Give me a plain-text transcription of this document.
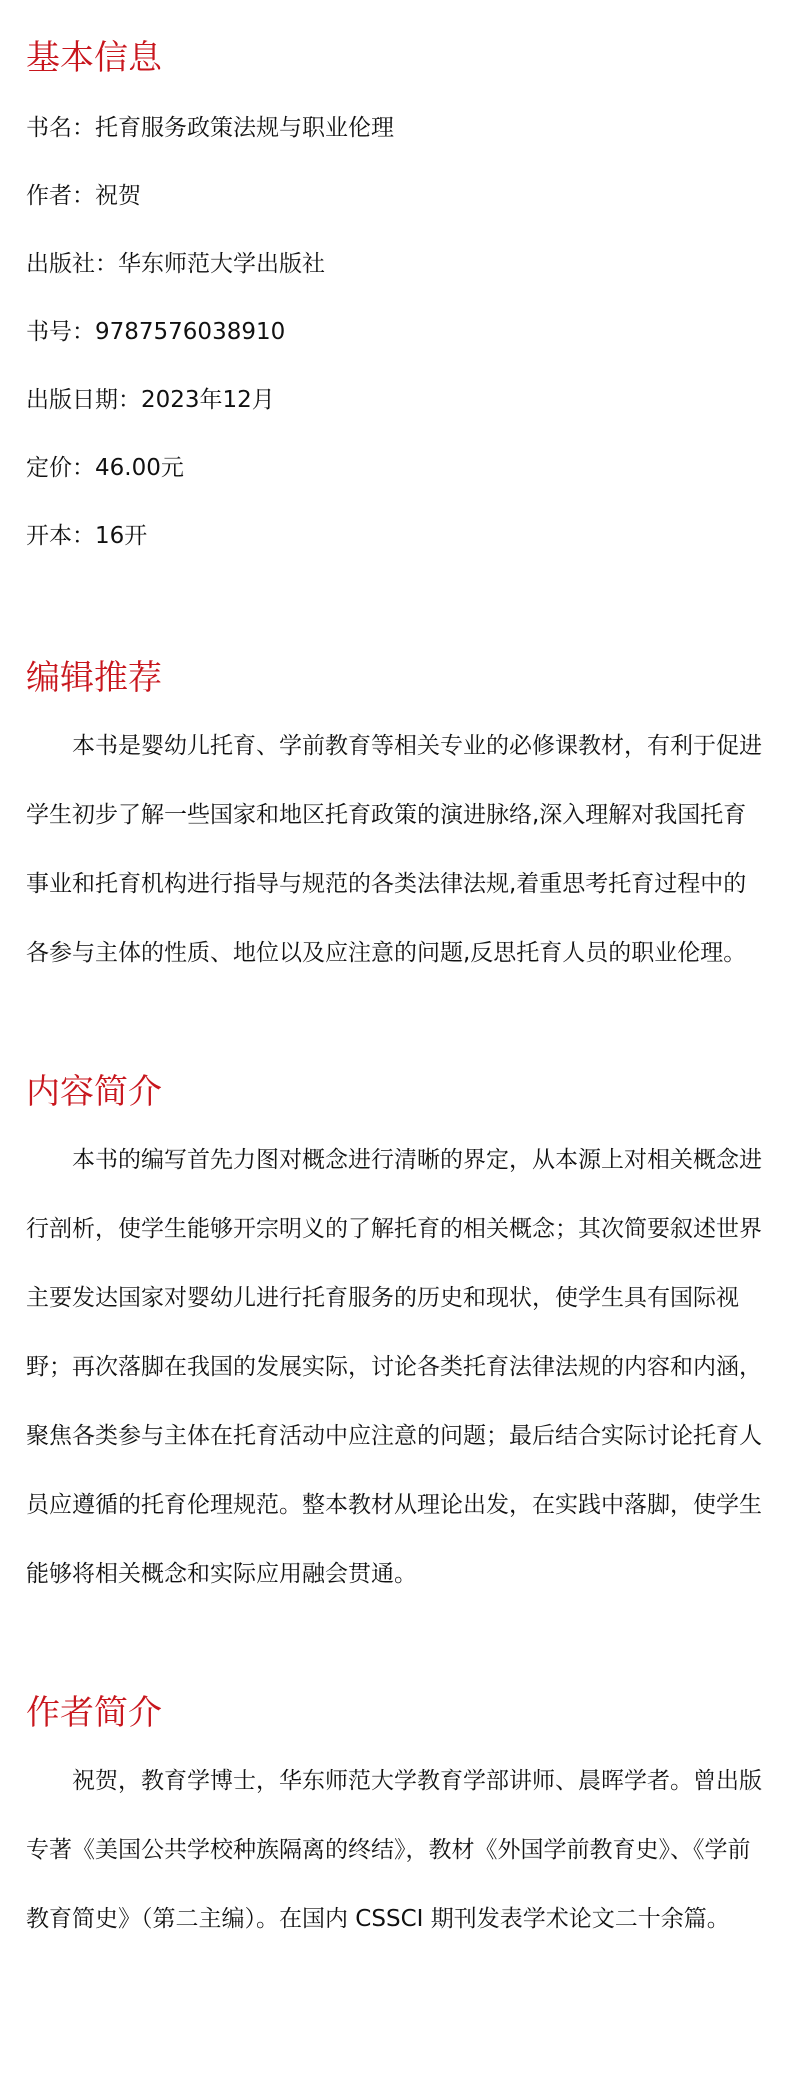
基本信息

书名：托育服务政策法规与职业伦理

作者：祝贺

出版社：华东师范大学出版社

书号：9787576038910

出版日期：2023年12月

定价：46.00元

开本：16开

编辑推荐

本书是婴幼儿托育、学前教育等相关专业的必修课教材，有利于促进学生初步了解一些国家和地区托育政策的演进脉络,深入理解对我国托育事业和托育机构进行指导与规范的各类法律法规,着重思考托育过程中的各参与主体的性质、地位以及应注意的问题,反思托育人员的职业伦理。

内容简介

本书的编写首先力图对概念进行清晰的界定，从本源上对相关概念进行剖析，使学生能够开宗明义的了解托育的相关概念；其次简要叙述世界主要发达国家对婴幼儿进行托育服务的历史和现状，使学生具有国际视野；再次落脚在我国的发展实际，讨论各类托育法律法规的内容和内涵，聚焦各类参与主体在托育活动中应注意的问题；最后结合实际讨论托育人员应遵循的托育伦理规范。整本教材从理论出发，在实践中落脚，使学生能够将相关概念和实际应用融会贯通。

作者简介

祝贺，教育学博士，华东师范大学教育学部讲师、晨晖学者。曾出版专著《美国公共学校种族隔离的终结》，教材《外国学前教育史》、《学前教育简史》（第二主编）。在国内 CSSCI 期刊发表学术论文二十余篇。
